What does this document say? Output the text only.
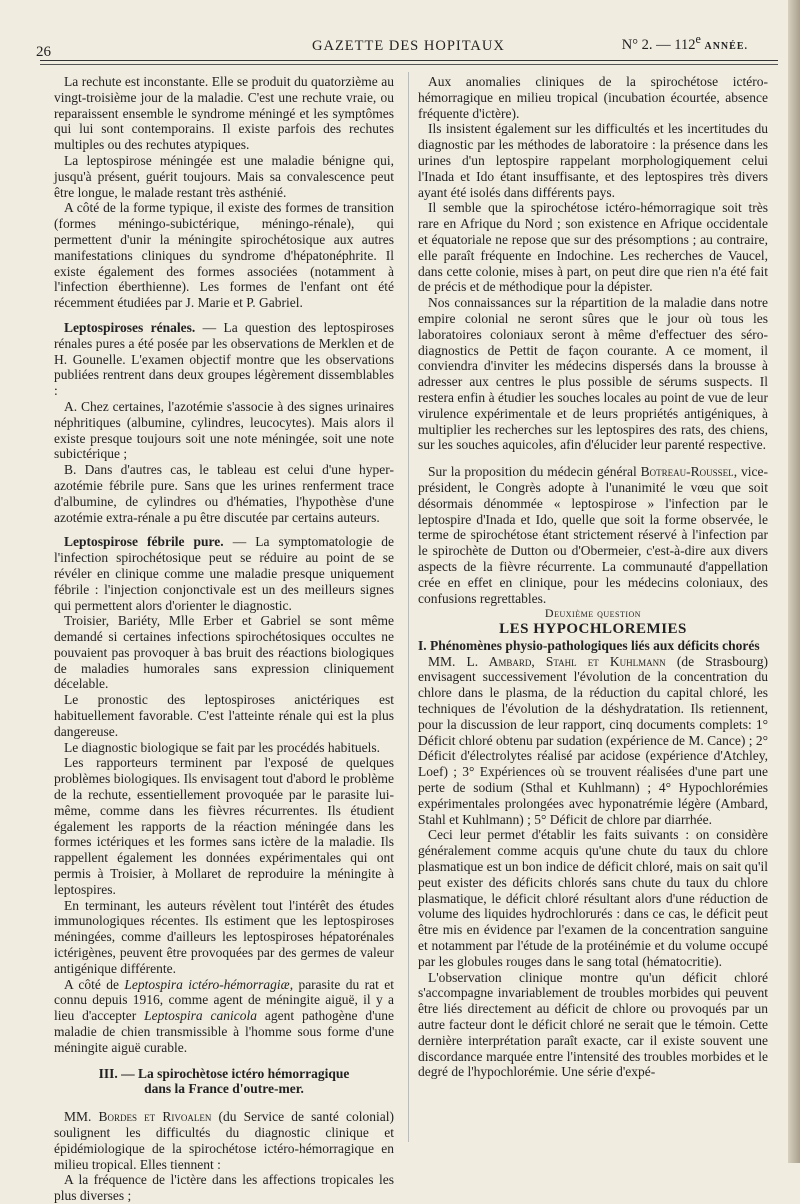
26	GAZETTE DES HOPITAUX	N° 2. — 112e ANNÉE.

La rechute est inconstante. Elle se produit du quatorzième au vingt-troisième jour de la maladie. C'est une rechute vraie, ou reparaissent ensemble le syndrome méningé et les symptômes qui lui sont contemporains. Il existe parfois des rechutes multiples ou des rechutes atypiques.

La leptospirose méningée est une maladie bénigne qui, jusqu'à présent, guérit toujours. Mais sa convalescence peut être longue, le malade restant très asthénié.

A côté de la forme typique, il existe des formes de transition (formes méningo-subictérique, méningo-rénale), qui permettent d'unir la méningite spirochétosique aux autres manifestations cliniques du syndrome d'hépatonéphrite. Il existe également des formes associées (notamment à l'infection éberthienne). Les formes de l'enfant ont été récemment étudiées par J. Marie et P. Gabriel.

Leptospiroses rénales. — La question des leptospiroses rénales pures a été posée par les observations de Merklen et de H. Gounelle. L'examen objectif montre que les observations publiées rentrent dans deux groupes légèrement dissemblables :

A. Chez certaines, l'azotémie s'associe à des signes urinaires néphritiques (albumine, cylindres, leucocytes). Mais alors il existe presque toujours soit une note méningée, soit une note subictérique ;

B. Dans d'autres cas, le tableau est celui d'une hyper-azotémie fébrile pure. Sans que les urines renferment trace d'albumine, de cylindres ou d'hématies, l'hypothèse d'une azotémie extra-rénale a pu être discutée par certains auteurs.

Leptospirose fébrile pure. — La symptomatologie de l'infection spirochétosique peut se réduire au point de se révéler en clinique comme une maladie presque uniquement fébrile : l'injection conjonctivale est un des meilleurs signes qui permettent alors d'orienter le diagnostic.

Troisier, Bariéty, Mlle Erber et Gabriel se sont même demandé si certaines infections spirochétosiques occultes ne pouvaient pas provoquer à bas bruit des réactions biologiques de maladies humorales sans expression cliniquement décelable.

Le pronostic des leptospiroses anictériques est habituellement favorable. C'est l'atteinte rénale qui est la plus dangereuse.

Le diagnostic biologique se fait par les procédés habituels.

Les rapporteurs terminent par l'exposé de quelques problèmes biologiques. Ils envisagent tout d'abord le problème de la rechute, essentiellement provoquée par le parasite lui-même, comme dans les fièvres récurrentes. Ils étudient également les rapports de la réaction méningée dans les formes ictériques et les formes sans ictère de la maladie. Ils rappellent également les données expérimentales qui ont permis à Troisier, à Mollaret de reproduire la méningite à leptospires.

En terminant, les auteurs révèlent tout l'intérêt des études immunologiques récentes. Ils estiment que les leptospiroses méningées, comme d'ailleurs les leptospiroses hépatorénales ictérigènes, peuvent être provoquées par des germes de valeur antigénique différente.

A côté de Leptospira ictéro-hémorragiæ, parasite du rat et connu depuis 1916, comme agent de méningite aiguë, il y a lieu d'accepter Leptospira canicola agent pathogène d'une maladie de chien transmissible à l'homme sous forme d'une méningite aiguë curable.

III. — La spirochètose ictéro hémorragique
dans la France d'outre-mer.

MM. Bordes et Rivoalen (du Service de santé colonial) soulignent les difficultés du diagnostic clinique et épidémiologique de la spirochétose ictéro-hémorragique en milieu tropical. Elles tiennent :

A la fréquence de l'ictère dans les affections tropicales les plus diverses ;

Aux anomalies cliniques de la spirochétose ictéro-hémorragique en milieu tropical (incubation écourtée, absence fréquente d'ictère).

Ils insistent également sur les difficultés et les incertitudes du diagnostic par les méthodes de laboratoire : la présence dans les urines d'un leptospire rappelant morphologiquement celui l'Inada et Ido étant insuffisante, et des leptospires très divers ayant été isolés dans différents pays.

Il semble que la spirochétose ictéro-hémorragique soit très rare en Afrique du Nord ; son existence en Afrique occidentale et équatoriale ne repose que sur des présomptions ; au contraire, elle paraît fréquente en Indochine. Les recherches de Vaucel, dans cette colonie, mises à part, on peut dire que rien n'a été fait de précis et de méthodique pour la dépister.

Nos connaissances sur la répartition de la maladie dans notre empire colonial ne seront sûres que le jour où tous les laboratoires coloniaux seront à même d'effectuer des séro-diagnostics de Pettit de façon courante. A ce moment, il conviendra d'inviter les médecins dispersés dans la brousse à adresser aux centres le plus possible de sérums suspects. Il restera enfin à étudier les souches locales au point de vue de leur virulence expérimentale et de leurs propriétés antigéniques, à multiplier les recherches sur les leptospires des rats, des chiens, sur les souches aquicoles, afin d'élucider leur parenté respective.

Sur la proposition du médecin général Botreau-Roussel, vice-président, le Congrès adopte à l'unanimité le vœu que soit désormais dénommée « leptospirose » l'infection par le leptospire d'Inada et Ido, quelle que soit la forme observée, le terme de spirochétose étant strictement réservé à l'infection par le spirochète de Dutton ou d'Obermeier, c'est-à-dire aux divers aspects de la fièvre récurrente. La communauté d'appellation crée en effet en clinique, pour les médecins coloniaux, des confusions regrettables.

Deuxième question

LES HYPOCHLOREMIES

I. Phénomènes physio-pathologiques liés aux déficits chorés

MM. L. Ambard, Stahl et Kuhlmann (de Strasbourg) envisagent successivement l'évolution de la concentration du chlore dans le plasma, de la réduction du capital chloré, les techniques de l'évolution de la déshydratation. Ils retiennent, pour la discussion de leur rapport, cinq documents complets: 1° Déficit chloré obtenu par sudation (expérience de M. Cance) ; 2° Déficit d'électrolytes réalisé par acidose (expérience d'Atchley, Loef) ; 3° Expériences où se trouvent réalisées d'une part une perte de sodium (Sthal et Kuhlmann) ; 4° Hypochlorémies expérimentales prolongées avec hyponatrémie légère (Ambard, Stahl et Kuhlmann) ; 5° Déficit de chlore par diarrhée.

Ceci leur permet d'établir les faits suivants : on considère généralement comme acquis qu'une chute du taux du chlore plasmatique est un bon indice de déficit chloré, mais on sait qu'il peut exister des déficits chlorés sans chute du taux du chlore plasmatique, le déficit chloré résultant alors d'une réduction de volume des liquides hydrochlorurés : dans ce cas, le déficit peut être mis en évidence par l'examen de la concentration sanguine et notamment par l'étude de la protéinémie et du volume occupé par les globules rouges dans le sang total (hématocritie).

L'observation clinique montre qu'un déficit chloré s'accompagne invariablement de troubles morbides qui peuvent être liés directement au déficit de chlore ou provoqués par un autre facteur dont le déficit chloré ne serait que le témoin. Cette dernière interprétation paraît exacte, car il existe souvent une discordance marquée entre l'intensité des troubles morbides et le degré de l'hypochlorémie. Une série d'expé-
